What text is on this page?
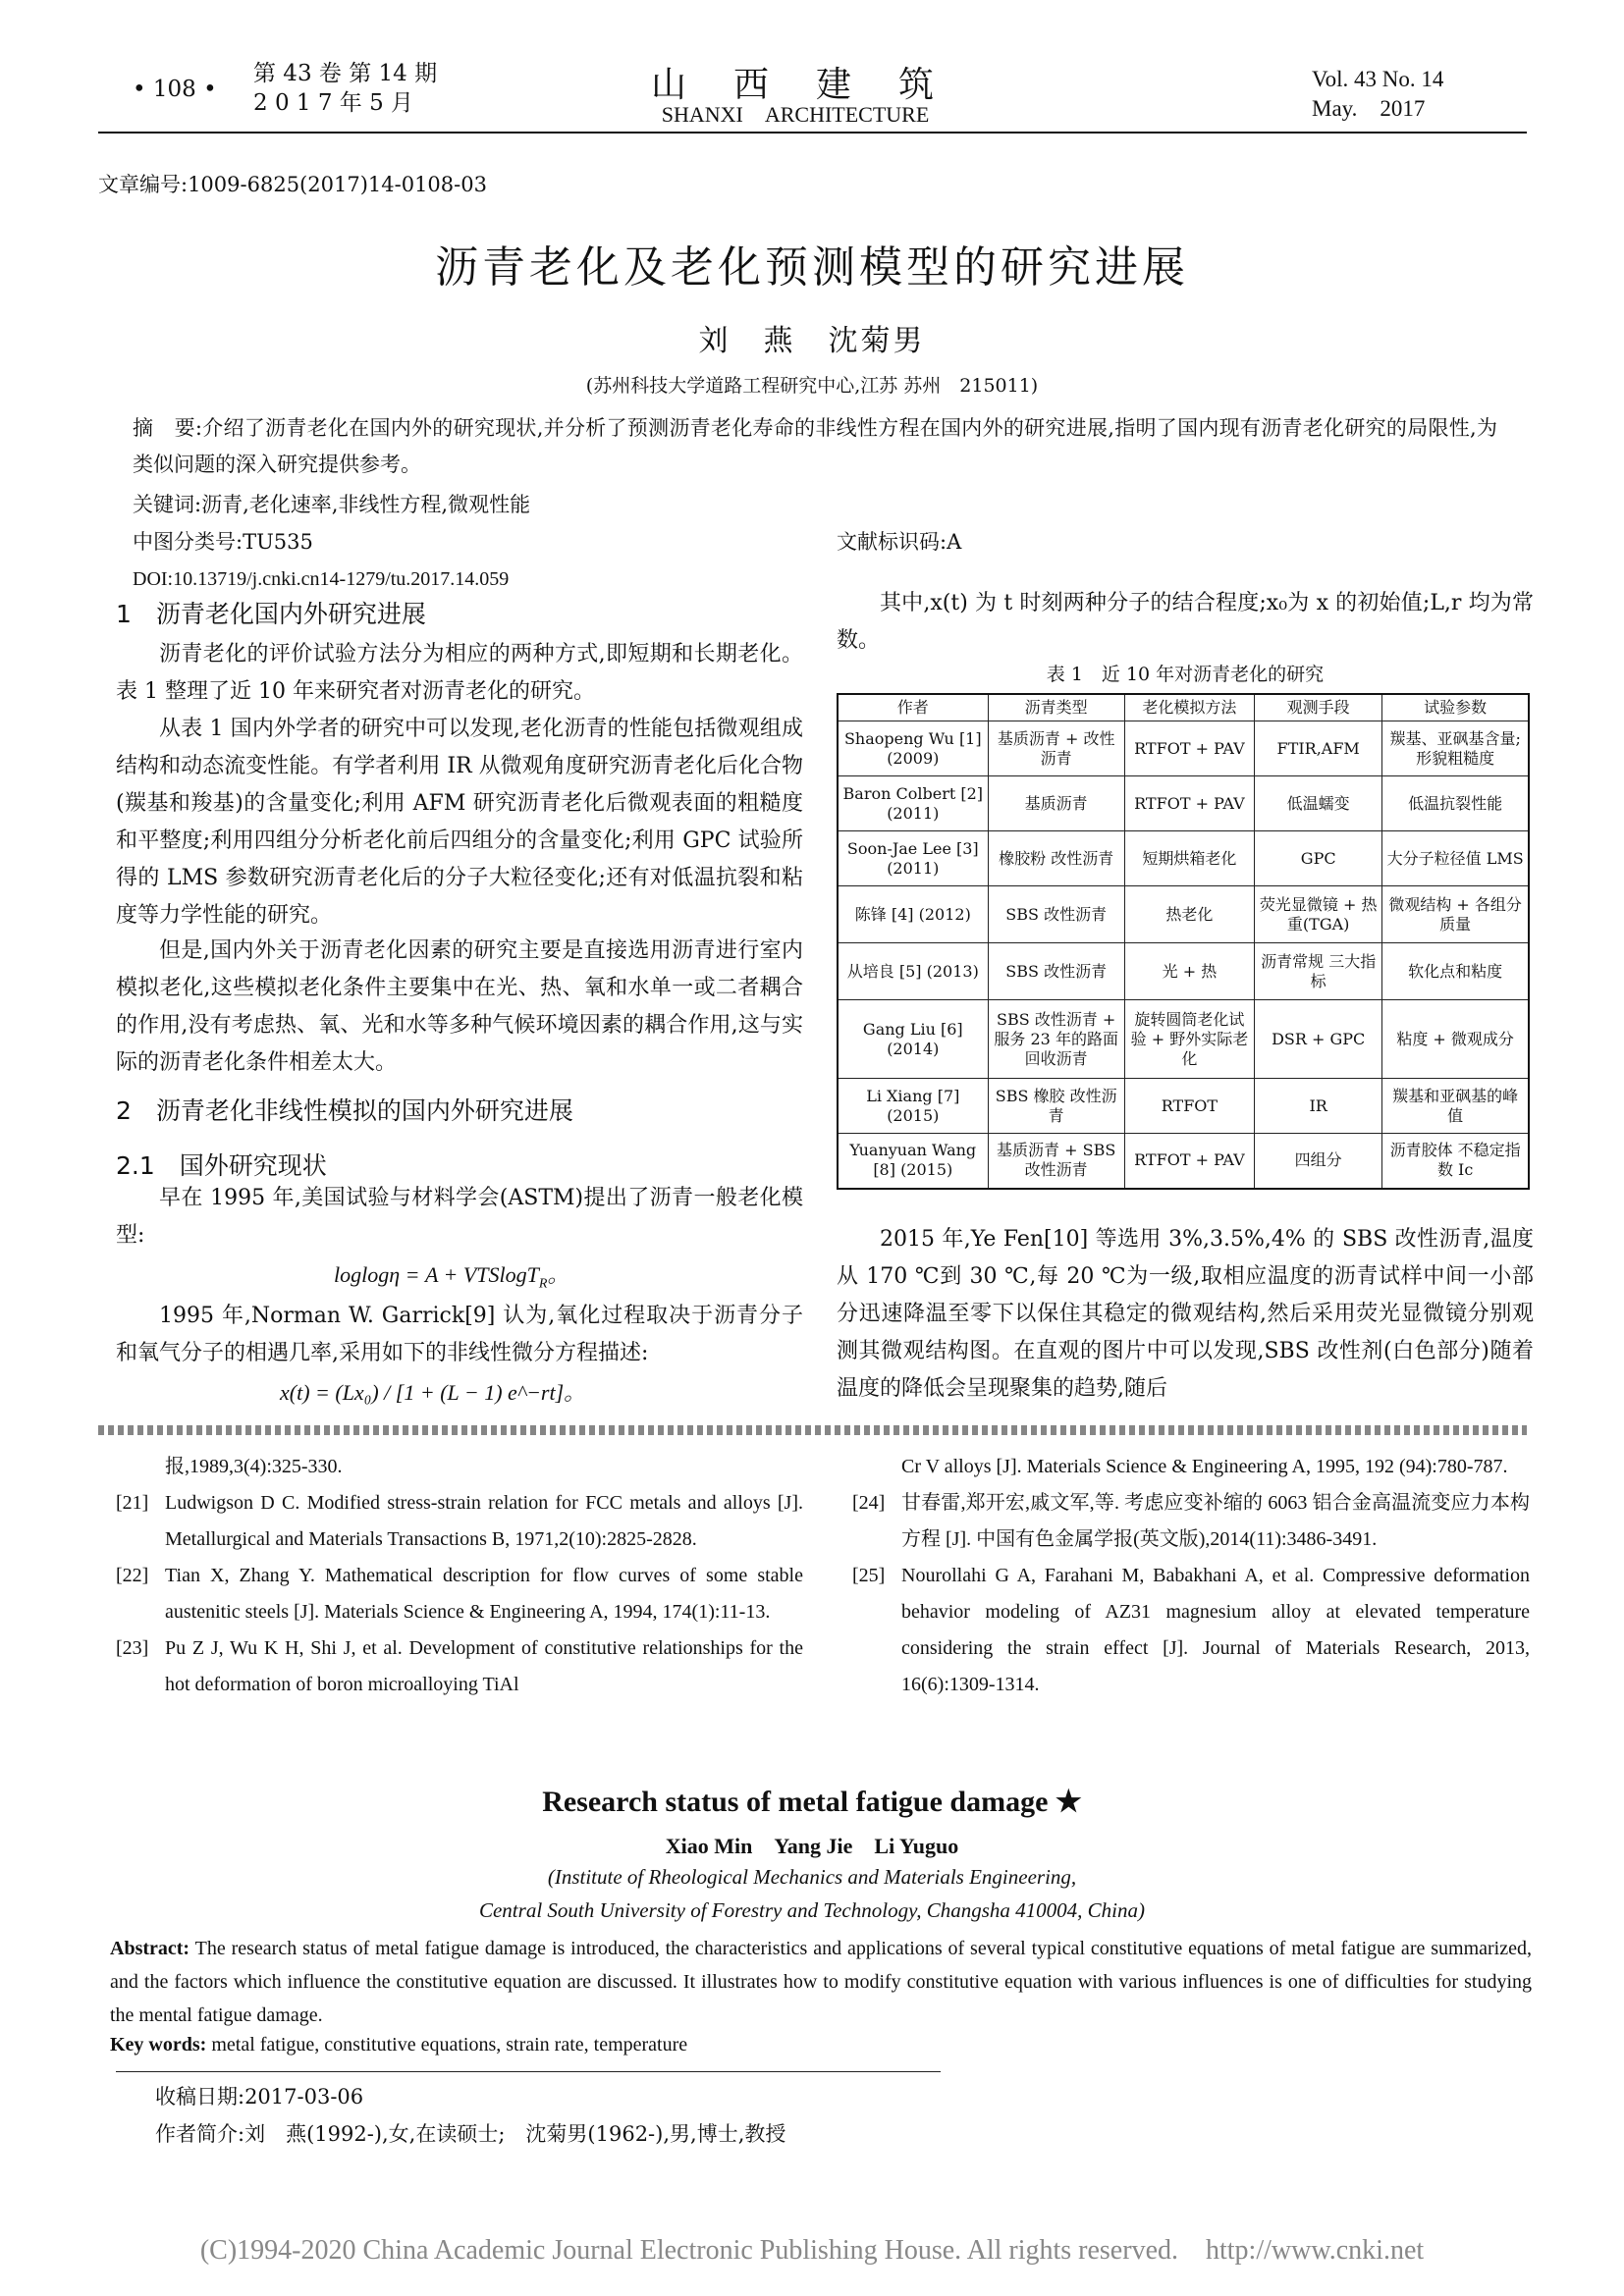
• 108 •
第 43 卷 第 14 期
2 0 1 7 年 5 月	山　西　建　筑
SHANXI　ARCHITECTURE
Vol. 43 No. 14
May.　2017
文章编号:1009-6825(2017)14-0108-03
沥青老化及老化预测模型的研究进展
刘　燕　沈菊男
(苏州科技大学道路工程研究中心,江苏 苏州　215011)
摘　要:介绍了沥青老化在国内外的研究现状,并分析了预测沥青老化寿命的非线性方程在国内外的研究进展,指明了国内现有沥青老化研究的局限性,为类似问题的深入研究提供参考。
关键词:沥青,老化速率,非线性方程,微观性能
中图分类号:TU535	文献标识码:A
DOI:10.13719/j.cnki.cn14-1279/tu.2017.14.059
1　沥青老化国内外研究进展
沥青老化的评价试验方法分为相应的两种方式,即短期和长期老化。表 1 整理了近 10 年来研究者对沥青老化的研究。
从表 1 国内外学者的研究中可以发现,老化沥青的性能包括微观组成结构和动态流变性能。有学者利用 IR 从微观角度研究沥青老化后化合物(羰基和羧基)的含量变化;利用 AFM 研究沥青老化后微观表面的粗糙度和平整度;利用四组分分析老化前后四组分的含量变化;利用 GPC 试验所得的 LMS 参数研究沥青老化后的分子大粒径变化;还有对低温抗裂和粘度等力学性能的研究。
但是,国内外关于沥青老化因素的研究主要是直接选用沥青进行室内模拟老化,这些模拟老化条件主要集中在光、热、氧和水单一或二者耦合的作用,没有考虑热、氧、光和水等多种气候环境因素的耦合作用,这与实际的沥青老化条件相差太大。
2　沥青老化非线性模拟的国内外研究进展
2.1　国外研究现状
早在 1995 年,美国试验与材料学会(ASTM)提出了沥青一般老化模型:
loglogη = A + VTSlogT$_R$。
1995 年,Norman W. Garrick[9] 认为,氧化过程取决于沥青分子和氧气分子的相遇几率,采用如下的非线性微分方程描述:
x(t) = (Lx₀) / [1 + (L − 1) e^−rt]。
其中,x(t) 为 t 时刻两种分子的结合程度;x₀为 x 的初始值;L,r 均为常数。
表 1　近 10 年对沥青老化的研究
作者	沥青类型	老化模拟方法	观测手段	试验参数
Shaopeng Wu [1] (2009)	基质沥青 + 改性沥青	RTFOT + PAV	FTIR,AFM	羰基、亚砜基含量;形貌粗糙度
Baron Colbert [2] (2011)	基质沥青	RTFOT + PAV	低温蠕变	低温抗裂性能
Soon-Jae Lee [3] (2011)	橡胶粉 改性沥青	短期烘箱老化	GPC	大分子粒径值 LMS
陈锋 [4] (2012)	SBS 改性沥青	热老化	荧光显微镜 + 热重(TGA)	微观结构 + 各组分质量
从培良 [5] (2013)	SBS 改性沥青	光 + 热	沥青常规 三大指标	软化点和粘度
Gang Liu [6] (2014)	SBS 改性沥青 + 服务 23 年的路面回收沥青	旋转圆筒老化试验 + 野外实际老化	DSR + GPC	粘度 + 微观成分
Li Xiang [7] (2015)	SBS 橡胶 改性沥青	RTFOT	IR	羰基和亚砜基的峰值
Yuanyuan Wang [8] (2015)	基质沥青 + SBS 改性沥青	RTFOT + PAV	四组分	沥青胶体 不稳定指数 Ic
2015 年,Ye Fen[10] 等选用 3%,3.5%,4% 的 SBS 改性沥青,温度从 170 ℃到 30 ℃,每 20 ℃为一级,取相应温度的沥青试样中间一小部分迅速降温至零下以保住其稳定的微观结构,然后采用荧光显微镜分别观测其微观结构图。在直观的图片中可以发现,SBS 改性剂(白色部分)随着温度的降低会呈现聚集的趋势,随后
报,1989,3(4):325-330.
[21] Ludwigson D C. Modified stress-strain relation for FCC metals and alloys [J]. Metallurgical and Materials Transactions B, 1971,2(10):2825-2828.
[22] Tian X, Zhang Y. Mathematical description for flow curves of some stable austenitic steels [J]. Materials Science & Engineering A, 1994, 174(1):11-13.
[23] Pu Z J, Wu K H, Shi J, et al. Development of constitutive relationships for the hot deformation of boron microalloying TiAl
Cr V alloys [J]. Materials Science & Engineering A, 1995, 192 (94):780-787.
[24] 甘春雷,郑开宏,戚文军,等. 考虑应变补缩的 6063 铝合金高温流变应力本构方程 [J]. 中国有色金属学报(英文版),2014(11):3486-3491.
[25] Nourollahi G A, Farahani M, Babakhani A, et al. Compressive deformation behavior modeling of AZ31 magnesium alloy at elevated temperature considering the strain effect [J]. Journal of Materials Research, 2013, 16(6):1309-1314.
Research status of metal fatigue damage ★
Xiao Min　Yang Jie　Li Yuguo
(Institute of Rheological Mechanics and Materials Engineering,
Central South University of Forestry and Technology, Changsha 410004, China)
Abstract: The research status of metal fatigue damage is introduced, the characteristics and applications of several typical constitutive equations of metal fatigue are summarized, and the factors which influence the constitutive equation are discussed. It illustrates how to modify constitutive equation with various influences is one of difficulties for studying the mental fatigue damage.
Key words: metal fatigue, constitutive equations, strain rate, temperature
收稿日期:2017-03-06
作者简介:刘　燕(1992-),女,在读硕士;　沈菊男(1962-),男,博士,教授
(C)1994-2020 China Academic Journal Electronic Publishing House. All rights reserved.　http://www.cnki.net
